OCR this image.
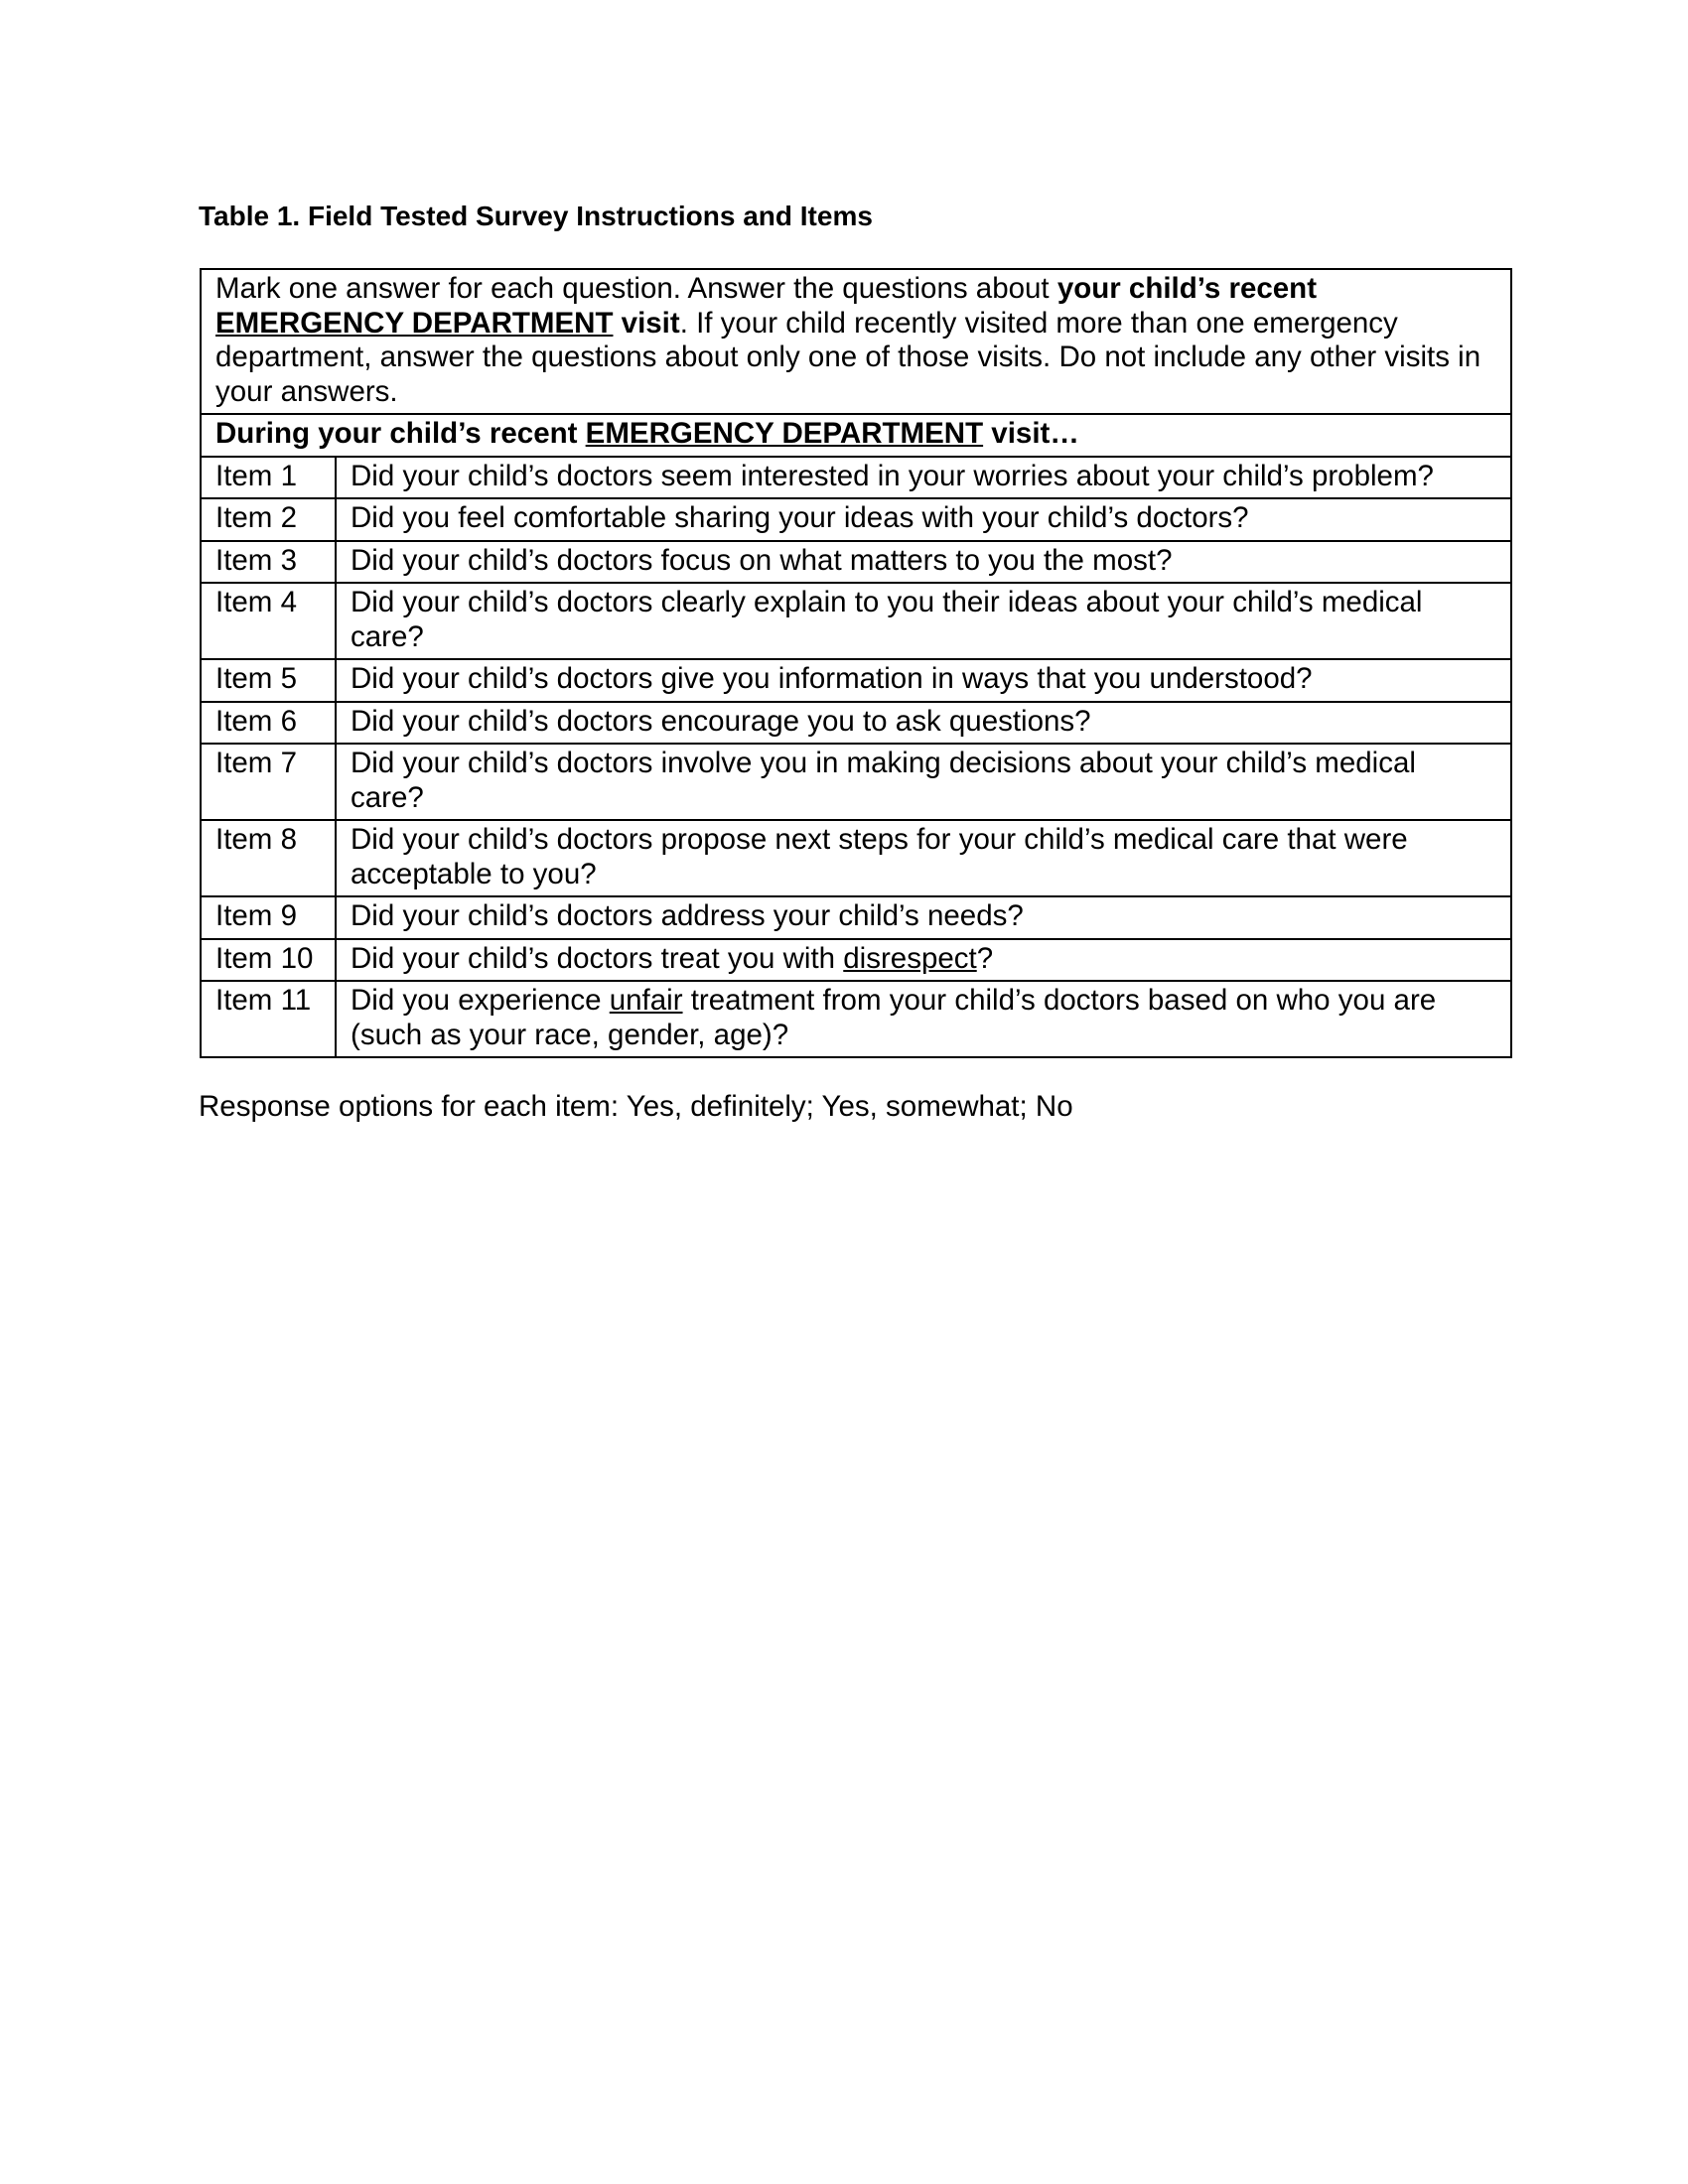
Table 1. Field Tested Survey Instructions and Items
Mark one answer for each question. Answer the questions about your child’s recent EMERGENCY DEPARTMENT visit. If your child recently visited more than one emergency department, answer the questions about only one of those visits. Do not include any other visits in your answers.	
During your child’s recent EMERGENCY DEPARTMENT visit…	
Item 1	Did your child’s doctors seem interested in your worries about your child’s problem?
Item 2	Did you feel comfortable sharing your ideas with your child’s doctors?
Item 3	Did your child’s doctors focus on what matters to you the most?
Item 4	Did your child’s doctors clearly explain to you their ideas about your child’s medical care?
Item 5	Did your child’s doctors give you information in ways that you understood?
Item 6	Did your child’s doctors encourage you to ask questions?
Item 7	Did your child’s doctors involve you in making decisions about your child’s medical care?
Item 8	Did your child’s doctors propose next steps for your child’s medical care that were acceptable to you?
Item 9	Did your child’s doctors address your child’s needs?
Item 10	Did your child’s doctors treat you with disrespect?
Item 11	Did you experience unfair treatment from your child’s doctors based on who you are (such as your race, gender, age)?
Response options for each item: Yes, definitely; Yes, somewhat; No
